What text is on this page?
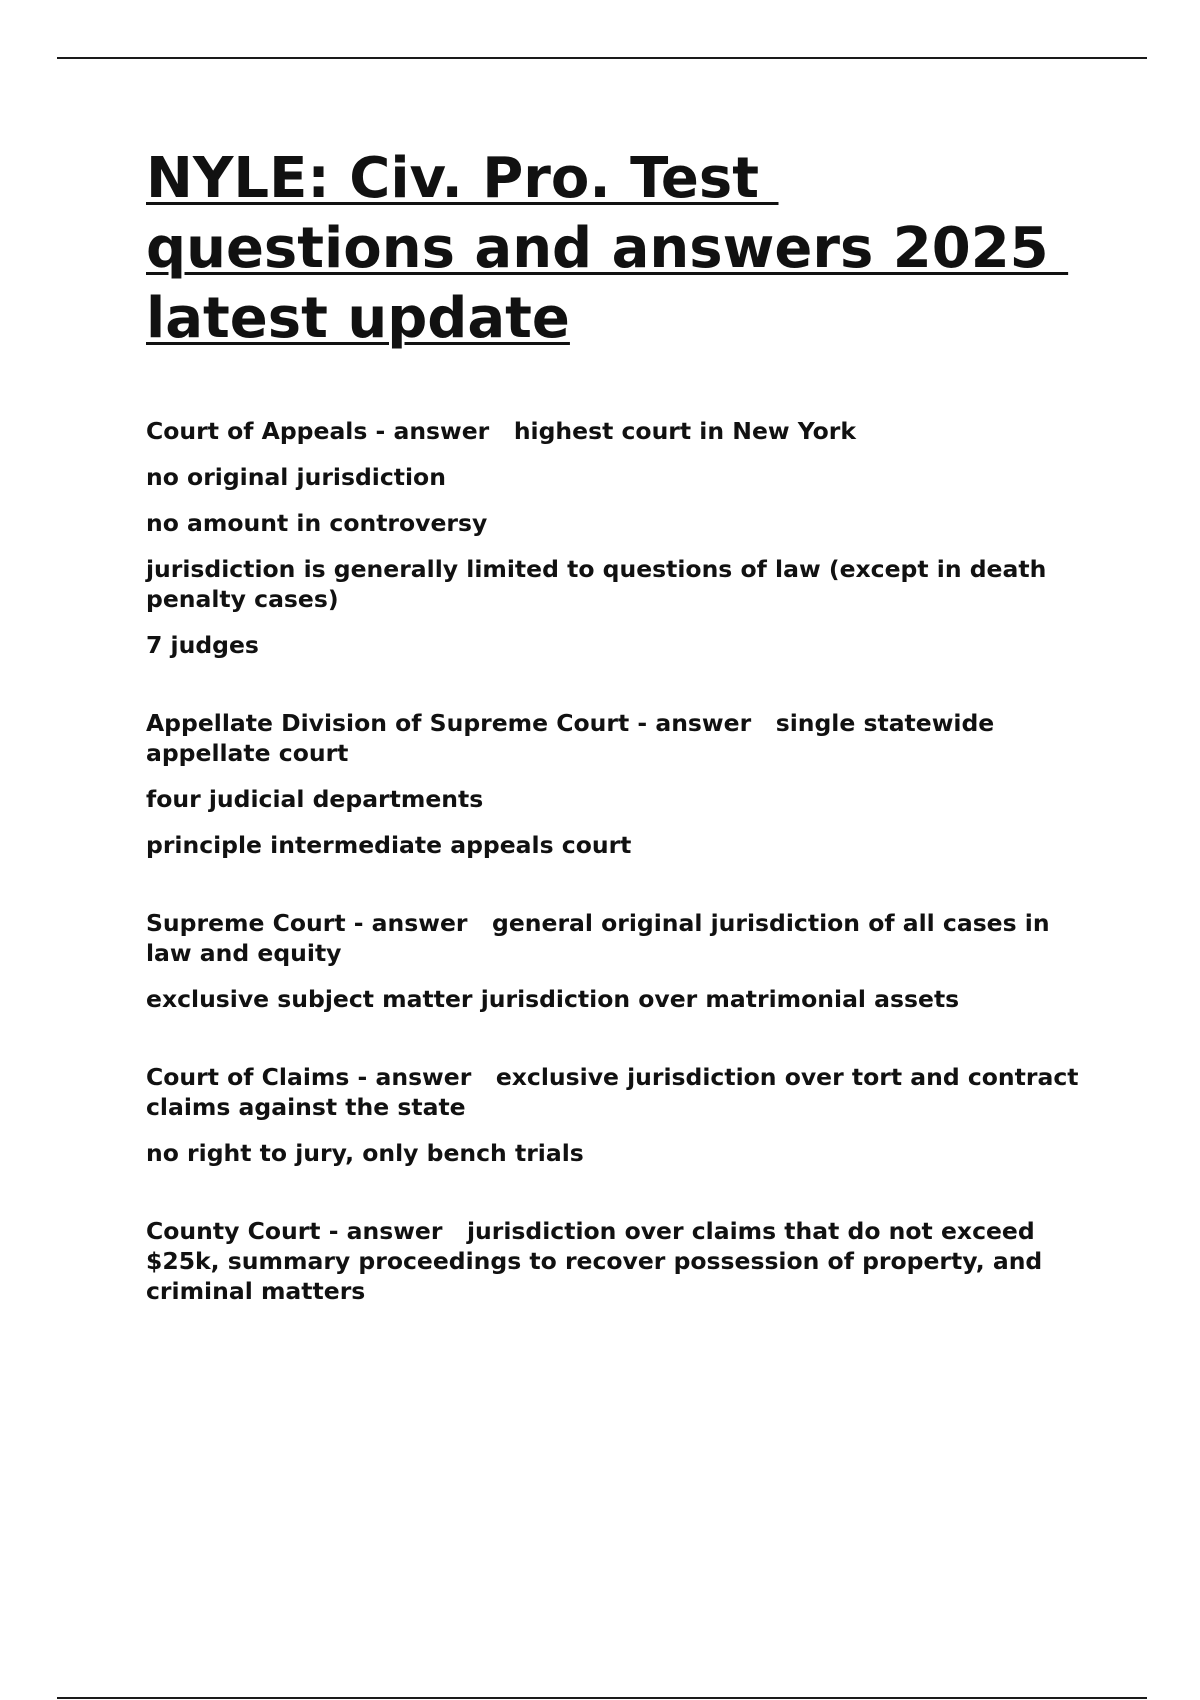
NYLE: Civ. Pro. Test
questions and answers 2025
latest update

Court of Appeals - answer   highest court in New York

no original jurisdiction

no amount in controversy

jurisdiction is generally limited to questions of law (except in death penalty cases)

7 judges

Appellate Division of Supreme Court - answer   single statewide appellate court

four judicial departments

principle intermediate appeals court

Supreme Court - answer   general original jurisdiction of all cases in law and equity

exclusive subject matter jurisdiction over matrimonial assets

Court of Claims - answer   exclusive jurisdiction over tort and contract claims against the state

no right to jury, only bench trials

County Court - answer   jurisdiction over claims that do not exceed $25k, summary proceedings to recover possession of property, and criminal matters
